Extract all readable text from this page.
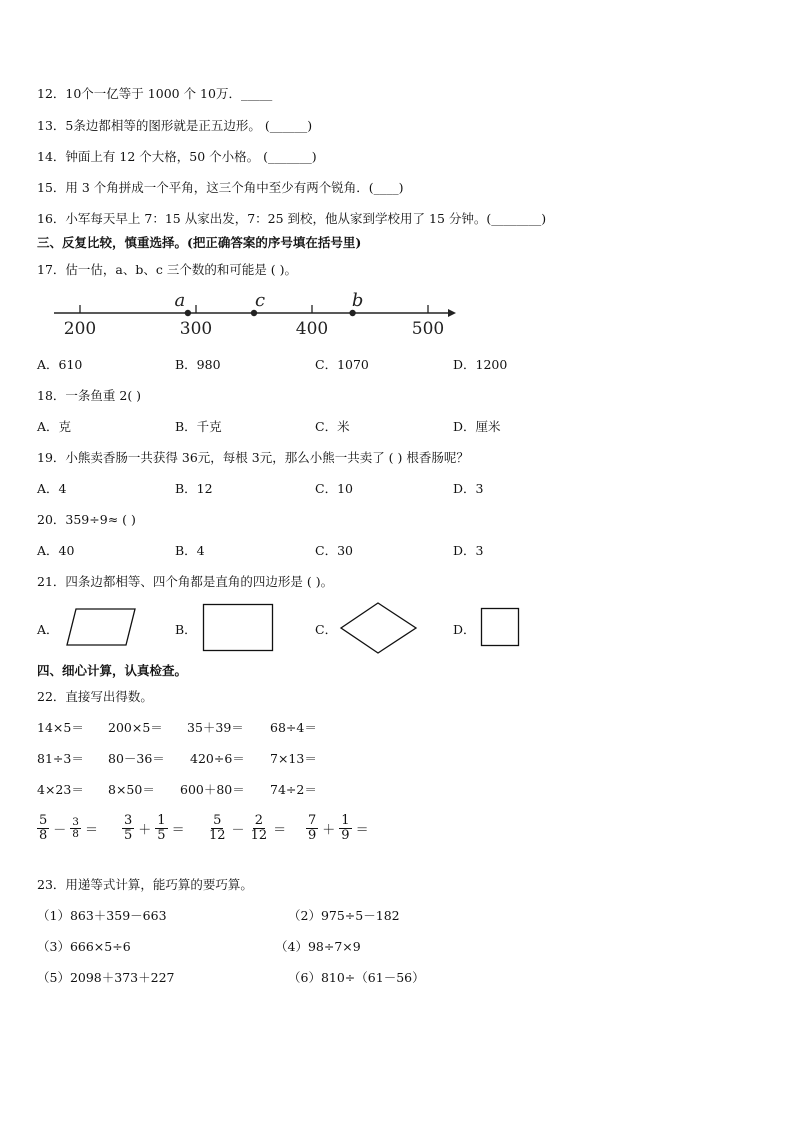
12．10个一亿等于 1000 个 10万．_____
13．5条边都相等的图形就是正五边形。 (______)
14．钟面上有 12 个大格，50 个小格。 (_______)
15．用 3 个角拼成一个平角，这三个角中至少有两个锐角．(____)
16．小军每天早上 7：15 从家出发，7：25 到校，他从家到学校用了 15 分钟。(________)
三、反复比较，慎重选择。(把正确答案的序号填在括号里)
17．估一估，a、b、c 三个数的和可能是 ( )。
200	300	400	500
a	c	b
A．610	B．980	C．1070	D．1200
18．一条鱼重 2( )
A．克	B．千克	C．米	D．厘米
19．小熊卖香肠一共获得 36元，每根 3元，那么小熊一共卖了 ( ) 根香肠呢？
A．4	B．12	C．10	D．3
20．359÷9≈ ( )
A．40	B．4	C．30	D．3
21．四条边都相等、四个角都是直角的四边形是 ( )。
A．	B．	C．	D．
四、细心计算，认真检查。
22．直接写出得数。
14×5＝ 200×5＝ 35＋39＝ 68÷4＝
81÷3＝ 80－36＝ 420÷6＝ 7×13＝
4×23＝ 8×50＝ 600＋80＝ 74÷2＝
$\frac{5}{8} - \frac{3}{8}$ ＝	$\frac{3}{5} + \frac{1}{5}$ ＝	$\frac{5}{12} - \frac{2}{12}$ ＝	$\frac{7}{9} + \frac{1}{9}$ ＝
23．用递等式计算，能巧算的要巧算。
（1）863＋359－663	（2）975÷5－182
（3）666×5÷6	（4）98÷7×9
（5）2098＋373＋227	（6）810÷（61－56）
